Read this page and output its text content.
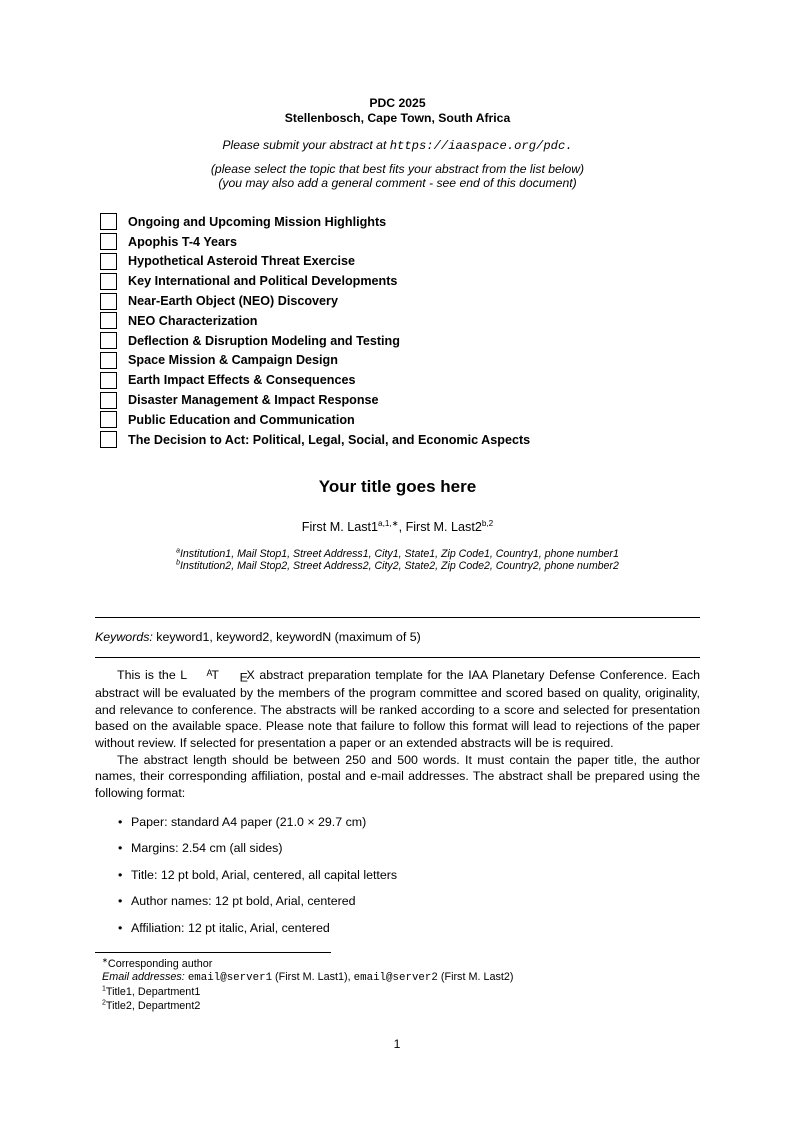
PDC 2025
Stellenbosch, Cape Town, South Africa
Please submit your abstract at https://iaaspace.org/pdc.
(please select the topic that best fits your abstract from the list below)
(you may also add a general comment - see end of this document)
Ongoing and Upcoming Mission Highlights
Apophis T-4 Years
Hypothetical Asteroid Threat Exercise
Key International and Political Developments
Near-Earth Object (NEO) Discovery
NEO Characterization
Deflection & Disruption Modeling and Testing
Space Mission & Campaign Design
Earth Impact Effects & Consequences
Disaster Management & Impact Response
Public Education and Communication
The Decision to Act: Political, Legal, Social, and Economic Aspects
Your title goes here
First M. $Last1^{a,1,∗}$, First M. Last2$^{b,2}$
$^a$Institution1, Mail Stop1, Street Address1, City1, State1, Zip Code1, Country1, phone number1
$^b$Institution2, Mail Stop2, Street Address2, City2, State2, Zip Code2, Country2, phone number2
Keywords: keyword1, keyword2, keywordN (maximum of 5)

This is the L AT EX abstract preparation template for the IAA Planetary Defense Conference. Each abstract will be evaluated by the members of the program committee and scored based on quality, originality, and relevance to conference. The abstracts will be ranked according to a score and selected for presentation based on the available space. Please note that failure to follow this format will lead to rejections of the paper without review. If selected for presentation a paper or an extended abstracts will be is required.

The abstract length should be between 250 and 500 words. It must contain the paper title, the author names, their corresponding affiliation, postal and e-mail addresses. The abstract shall be prepared using the following format:

• Paper: standard A4 paper (21.0 × 29.7 cm)
• Margins: 2.54 cm (all sides)
• Title: 12 pt bold, Arial, centered, all capital letters
• Author names: 12 pt bold, Arial, centered
• Affiliation: 12 pt italic, Arial, centered
∗Corresponding author
Email addresses: email@server1 (First M. Last1), email@server2 (First M. Last2)
$^1$Title1, Department1
$^2$Title2, Department2
1
